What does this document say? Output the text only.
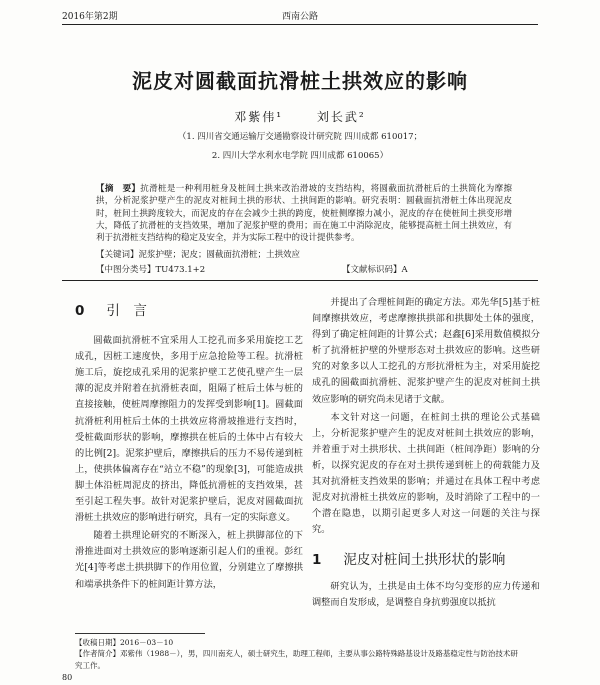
2016年第2期	西南公路
泥皮对圆截面抗滑桩土拱效应的影响
邓紫伟¹	刘长武²
（1. 四川省交通运输厅交通勘察设计研究院 四川成都 610017；
2. 四川大学水利水电学院 四川成都 610065）
【摘　要】抗滑桩是一种利用桩身及桩间土拱来改治滑坡的支挡结构，将圆截面抗滑桩后的土拱简化为摩擦拱，分析泥浆护壁产生的泥皮对桩间土拱的形状、土拱间距的影响。研究表明：圆截面抗滑桩土体出现泥皮时，桩间土拱跨度较大，而泥皮的存在会减少土拱的跨度，使桩侧摩擦力减小，泥皮的存在使桩间土拱变形增大，降低了抗滑桩的支挡效果，增加了泥浆护壁的费用；而在施工中消除泥皮，能够提高桩土间土拱效应，有利于抗滑桩支挡结构的稳定及安全，并为实际工程中的设计提供参考。
【关键词】泥浆护壁；泥皮；圆截面抗滑桩；土拱效应
【中图分类号】TU473.1+2	【文献标识码】A
0 引　言

圆截面抗滑桩不宜采用人工挖孔而多采用旋挖工艺成孔，因桩工速度快，多用于应急抢险等工程。抗滑桩施工后，旋挖成孔采用的泥浆护壁工艺使孔壁产生一层薄的泥皮并附着在抗滑桩表面，阻隔了桩后土体与桩的直接接触，使桩周摩擦阻力的发挥受到影响[1]。圆截面抗滑桩利用桩后土体的土拱效应将滑坡推进行支挡时，受桩截面形状的影响，摩擦拱在桩后的土体中占有较大的比例[2]。泥浆护壁后，摩擦拱后的压力不易传递到桩上，使拱体偏离存在“站立不稳”的现象[3]，可能造成拱脚土体沿桩周泥皮的挤出，降低抗滑桩的支挡效果，甚至引起工程失事。故针对泥浆护壁后，泥皮对圆截面抗滑桩土拱效应的影响进行研究，具有一定的实际意义。

随着土拱理论研究的不断深入，桩上拱脚部位的下滑推进面对土拱效应的影响逐渐引起人们的重视。彭红光[4]等考虑土拱拱脚下的作用位置，分别建立了摩擦拱和端承拱条件下的桩间距计算方法，

并提出了合理桩间距的确定方法。邓先华[5]基于桩间摩擦拱效应，考虑摩擦拱拱部和拱脚处土体的强度，得到了确定桩间距的计算公式；赵鑫[6]采用数值模拟分析了抗滑桩护壁的外壁形态对土拱效应的影响。这些研究的对象多以人工挖孔的方形抗滑桩为主，对采用旋挖成孔的圆截面抗滑桩、泥浆护壁产生的泥皮对桩间土拱效应影响的研究尚未见诸于文献。

本文针对这一问题，在桩间土拱的理论公式基础上，分析泥浆护壁产生的泥皮对桩间土拱效应的影响，并着重于对土拱形状、土拱间距（桩间净距）影响的分析，以探究泥皮的存在对土拱传递到桩上的荷载能力及其对抗滑桩支挡效果的影响；并通过在具体工程中考虑泥皮对抗滑桩土拱效应的影响，及时消除了工程中的一个潜在隐患，以期引起更多人对这一问题的关注与探究。

1 泥皮对桩间土拱形状的影响

研究认为，土拱是由土体不均匀变形的应力传递和调整而自发形成，是调整自身抗剪强度以抵抗

【收稿日期】2016－03－10
【作者简介】邓紫伟（1988－），男，四川南充人，硕士研究生，助理工程师，主要从事公路特殊路基设计及路基稳定性与防治技术研究工作。
80
